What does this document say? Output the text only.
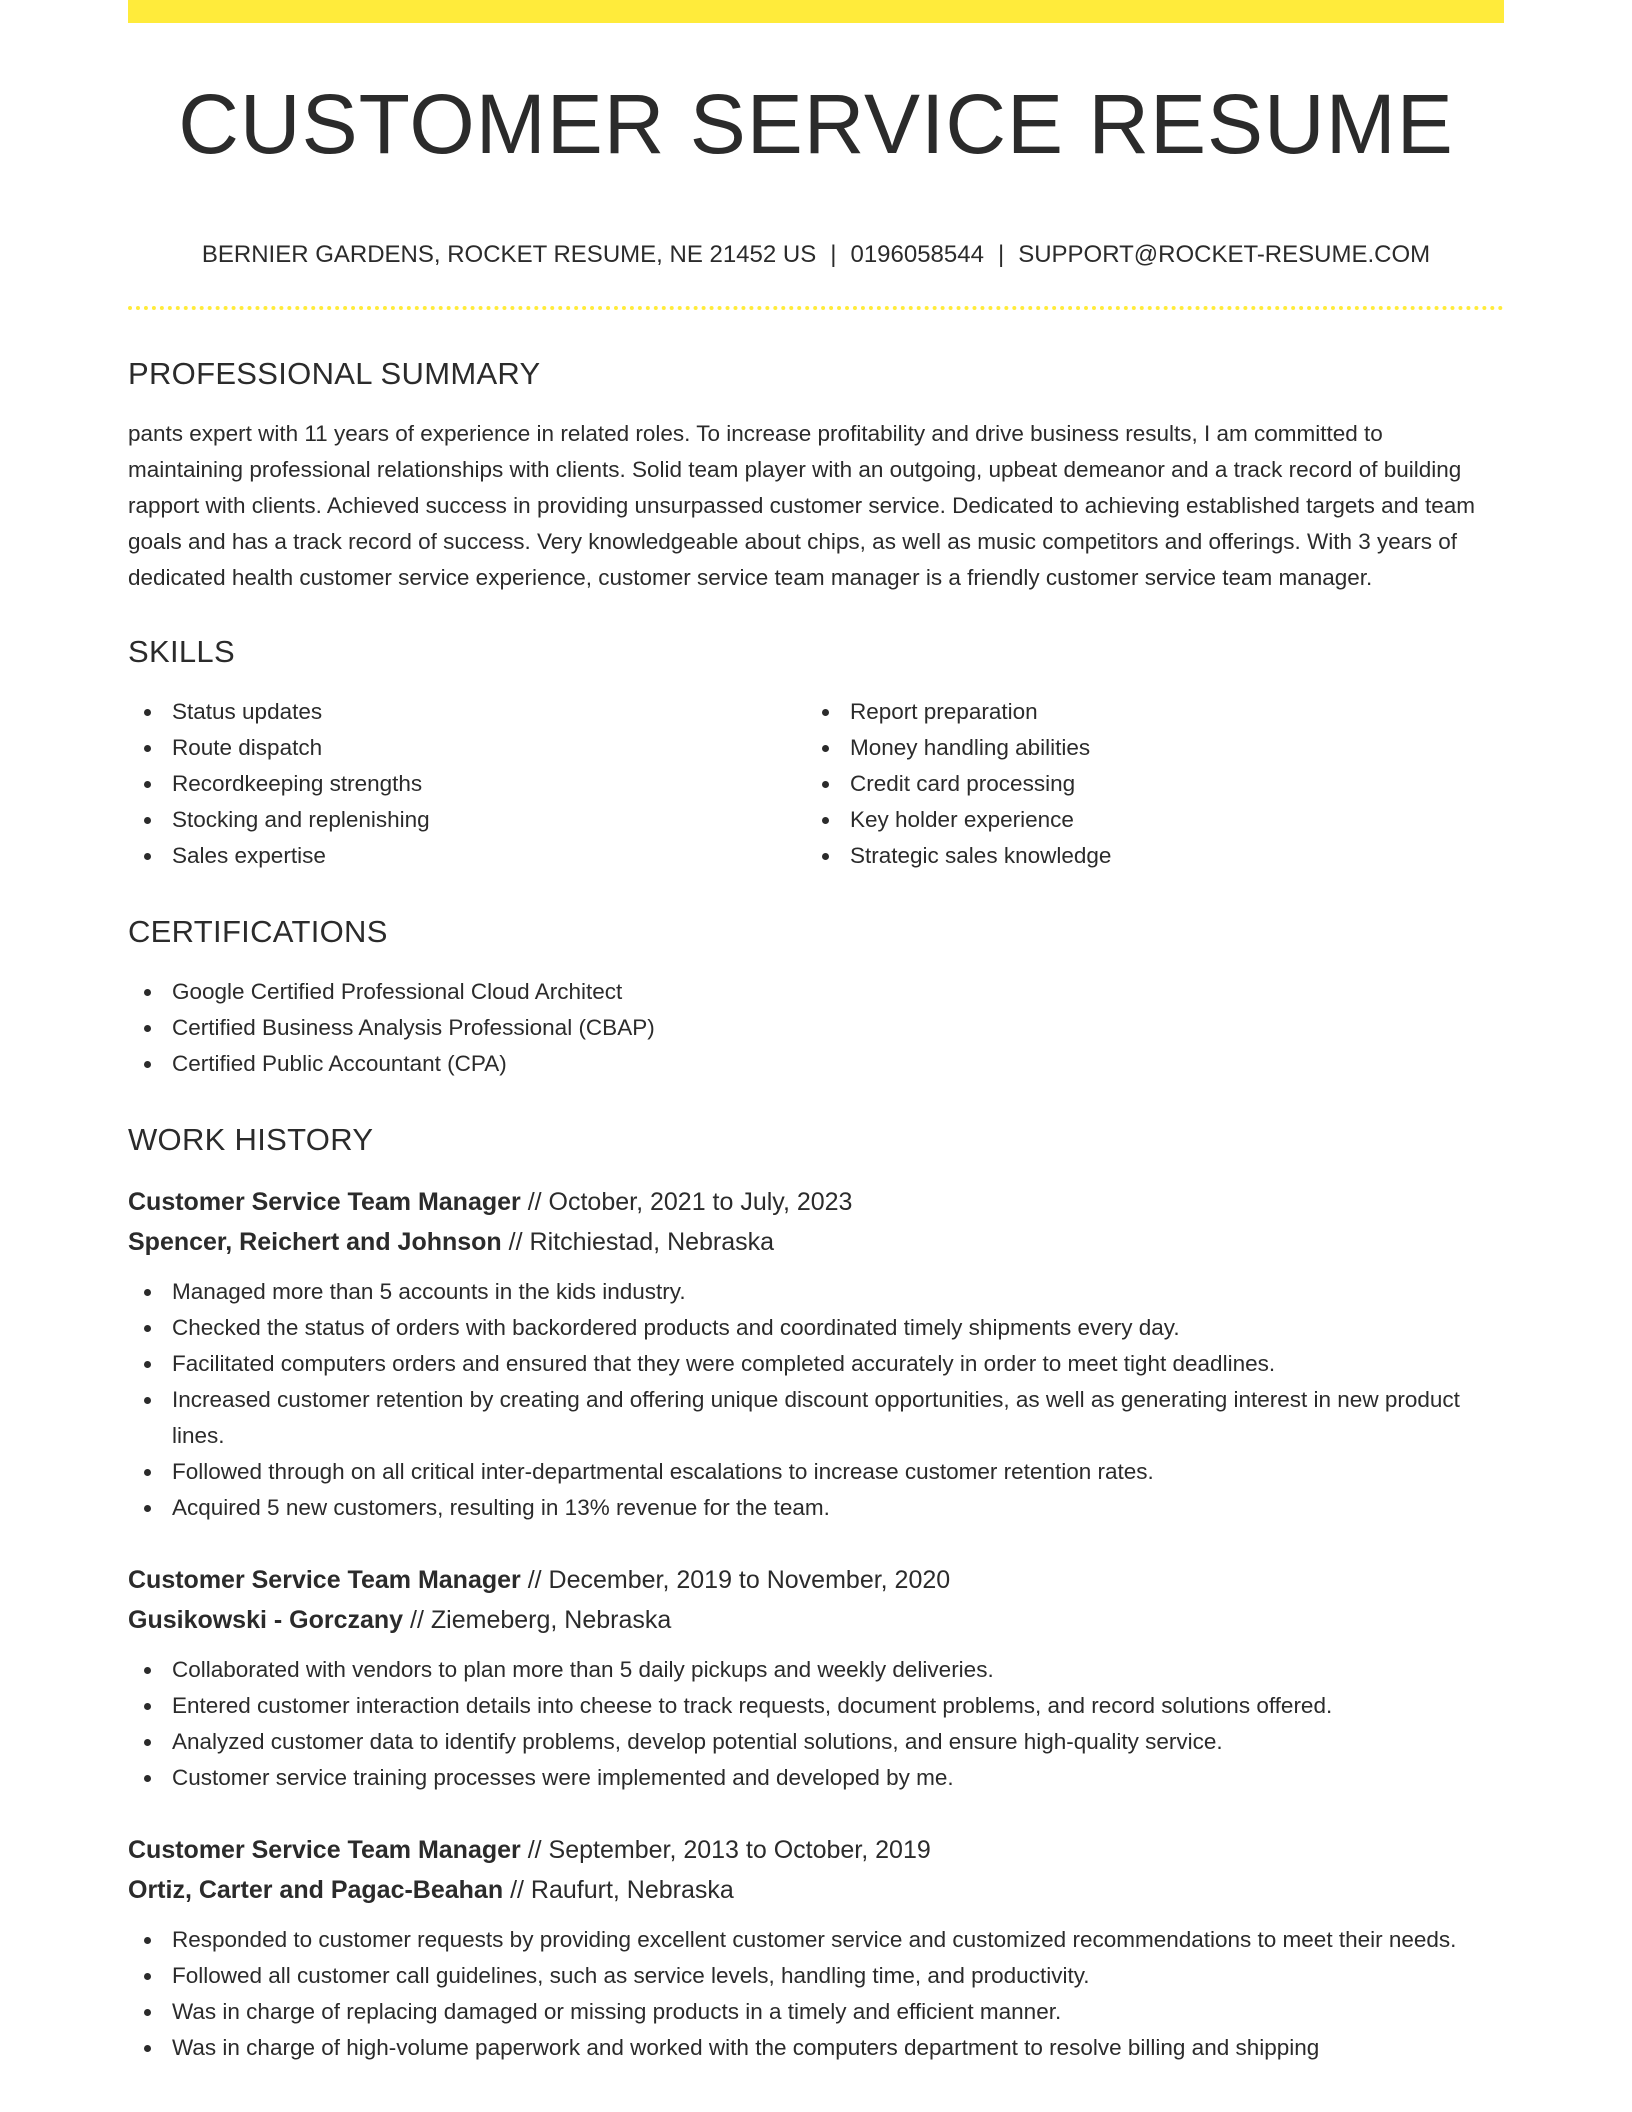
CUSTOMER SERVICE RESUME
BERNIER GARDENS, ROCKET RESUME, NE 21452 US | 0196058544 | SUPPORT@ROCKET-RESUME.COM
PROFESSIONAL SUMMARY

pants expert with 11 years of experience in related roles. To increase profitability and drive business results, I am committed to maintaining professional relationships with clients. Solid team player with an outgoing, upbeat demeanor and a track record of building rapport with clients. Achieved success in providing unsurpassed customer service. Dedicated to achieving established targets and team goals and has a track record of success. Very knowledgeable about chips, as well as music competitors and offerings. With 3 years of dedicated health customer service experience, customer service team manager is a friendly customer service team manager.

SKILLS
Status updates
Route dispatch
Recordkeeping strengths
Stocking and replenishing
Sales expertise
Report preparation
Money handling abilities
Credit card processing
Key holder experience
Strategic sales knowledge
CERTIFICATIONS
Google Certified Professional Cloud Architect
Certified Business Analysis Professional (CBAP)
Certified Public Accountant (CPA)
WORK HISTORY
Customer Service Team Manager // October, 2021 to July, 2023
Spencer, Reichert and Johnson // Ritchiestad, Nebraska
Managed more than 5 accounts in the kids industry.
Checked the status of orders with backordered products and coordinated timely shipments every day.
Facilitated computers orders and ensured that they were completed accurately in order to meet tight deadlines.
Increased customer retention by creating and offering unique discount opportunities, as well as generating interest in new product lines.
Followed through on all critical inter-departmental escalations to increase customer retention rates.
Acquired 5 new customers, resulting in 13% revenue for the team.
Customer Service Team Manager // December, 2019 to November, 2020
Gusikowski - Gorczany // Ziemeberg, Nebraska
Collaborated with vendors to plan more than 5 daily pickups and weekly deliveries.
Entered customer interaction details into cheese to track requests, document problems, and record solutions offered.
Analyzed customer data to identify problems, develop potential solutions, and ensure high-quality service.
Customer service training processes were implemented and developed by me.
Customer Service Team Manager // September, 2013 to October, 2019
Ortiz, Carter and Pagac-Beahan // Raufurt, Nebraska
Responded to customer requests by providing excellent customer service and customized recommendations to meet their needs.
Followed all customer call guidelines, such as service levels, handling time, and productivity.
Was in charge of replacing damaged or missing products in a timely and efficient manner.
Was in charge of high-volume paperwork and worked with the computers department to resolve billing and shipping
